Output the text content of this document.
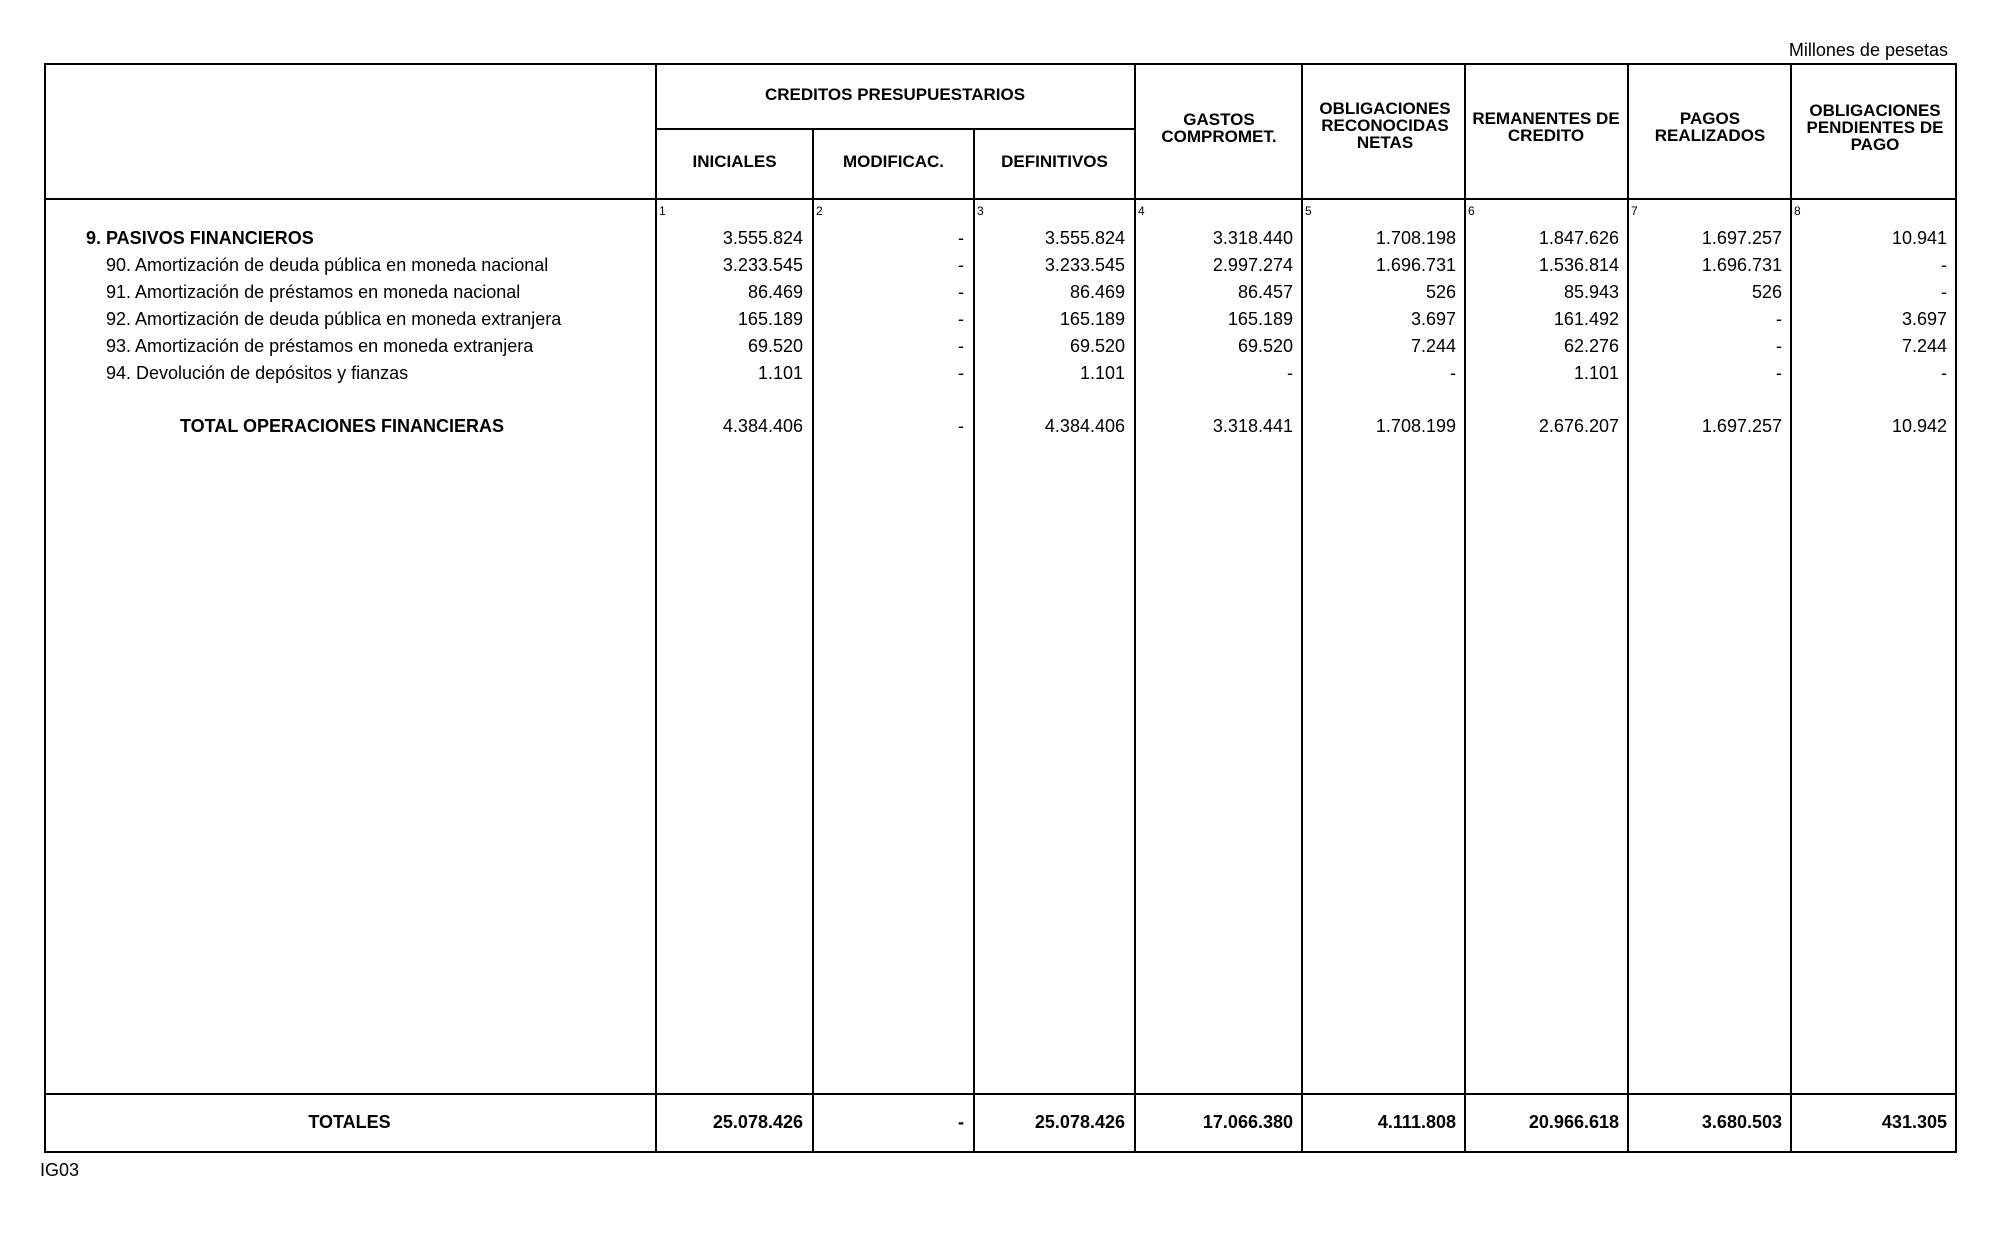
Millones de pesetas
CREDITOS PRESUPUESTARIOS
INICIALES	MODIFICAC.	DEFINITIVOS
GASTOS COMPROMET.
OBLIGACIONES RECONOCIDAS NETAS
REMANENTES DE CREDITO
PAGOS REALIZADOS
OBLIGACIONES PENDIENTES DE PAGO
1	2	3	4	5	6	7	8
9. PASIVOS FINANCIEROS	3.555.824	-	3.555.824	3.318.440	1.708.198	1.847.626	1.697.257	10.941
90. Amortización de deuda pública en moneda nacional	3.233.545	-	3.233.545	2.997.274	1.696.731	1.536.814	1.696.731	-
91. Amortización de préstamos en moneda nacional	86.469	-	86.469	86.457	526	85.943	526	-
92. Amortización de deuda pública en moneda extranjera	165.189	-	165.189	165.189	3.697	161.492	-	3.697
93. Amortización de préstamos en moneda extranjera	69.520	-	69.520	69.520	7.244	62.276	-	7.244
94. Devolución de depósitos y fianzas	1.101	-	1.101	-	-	1.101	-	-
TOTAL OPERACIONES FINANCIERAS	4.384.406	-	4.384.406	3.318.441	1.708.199	2.676.207	1.697.257	10.942
TOTALES	25.078.426	-	25.078.426	17.066.380	4.111.808	20.966.618	3.680.503	431.305
IG03
